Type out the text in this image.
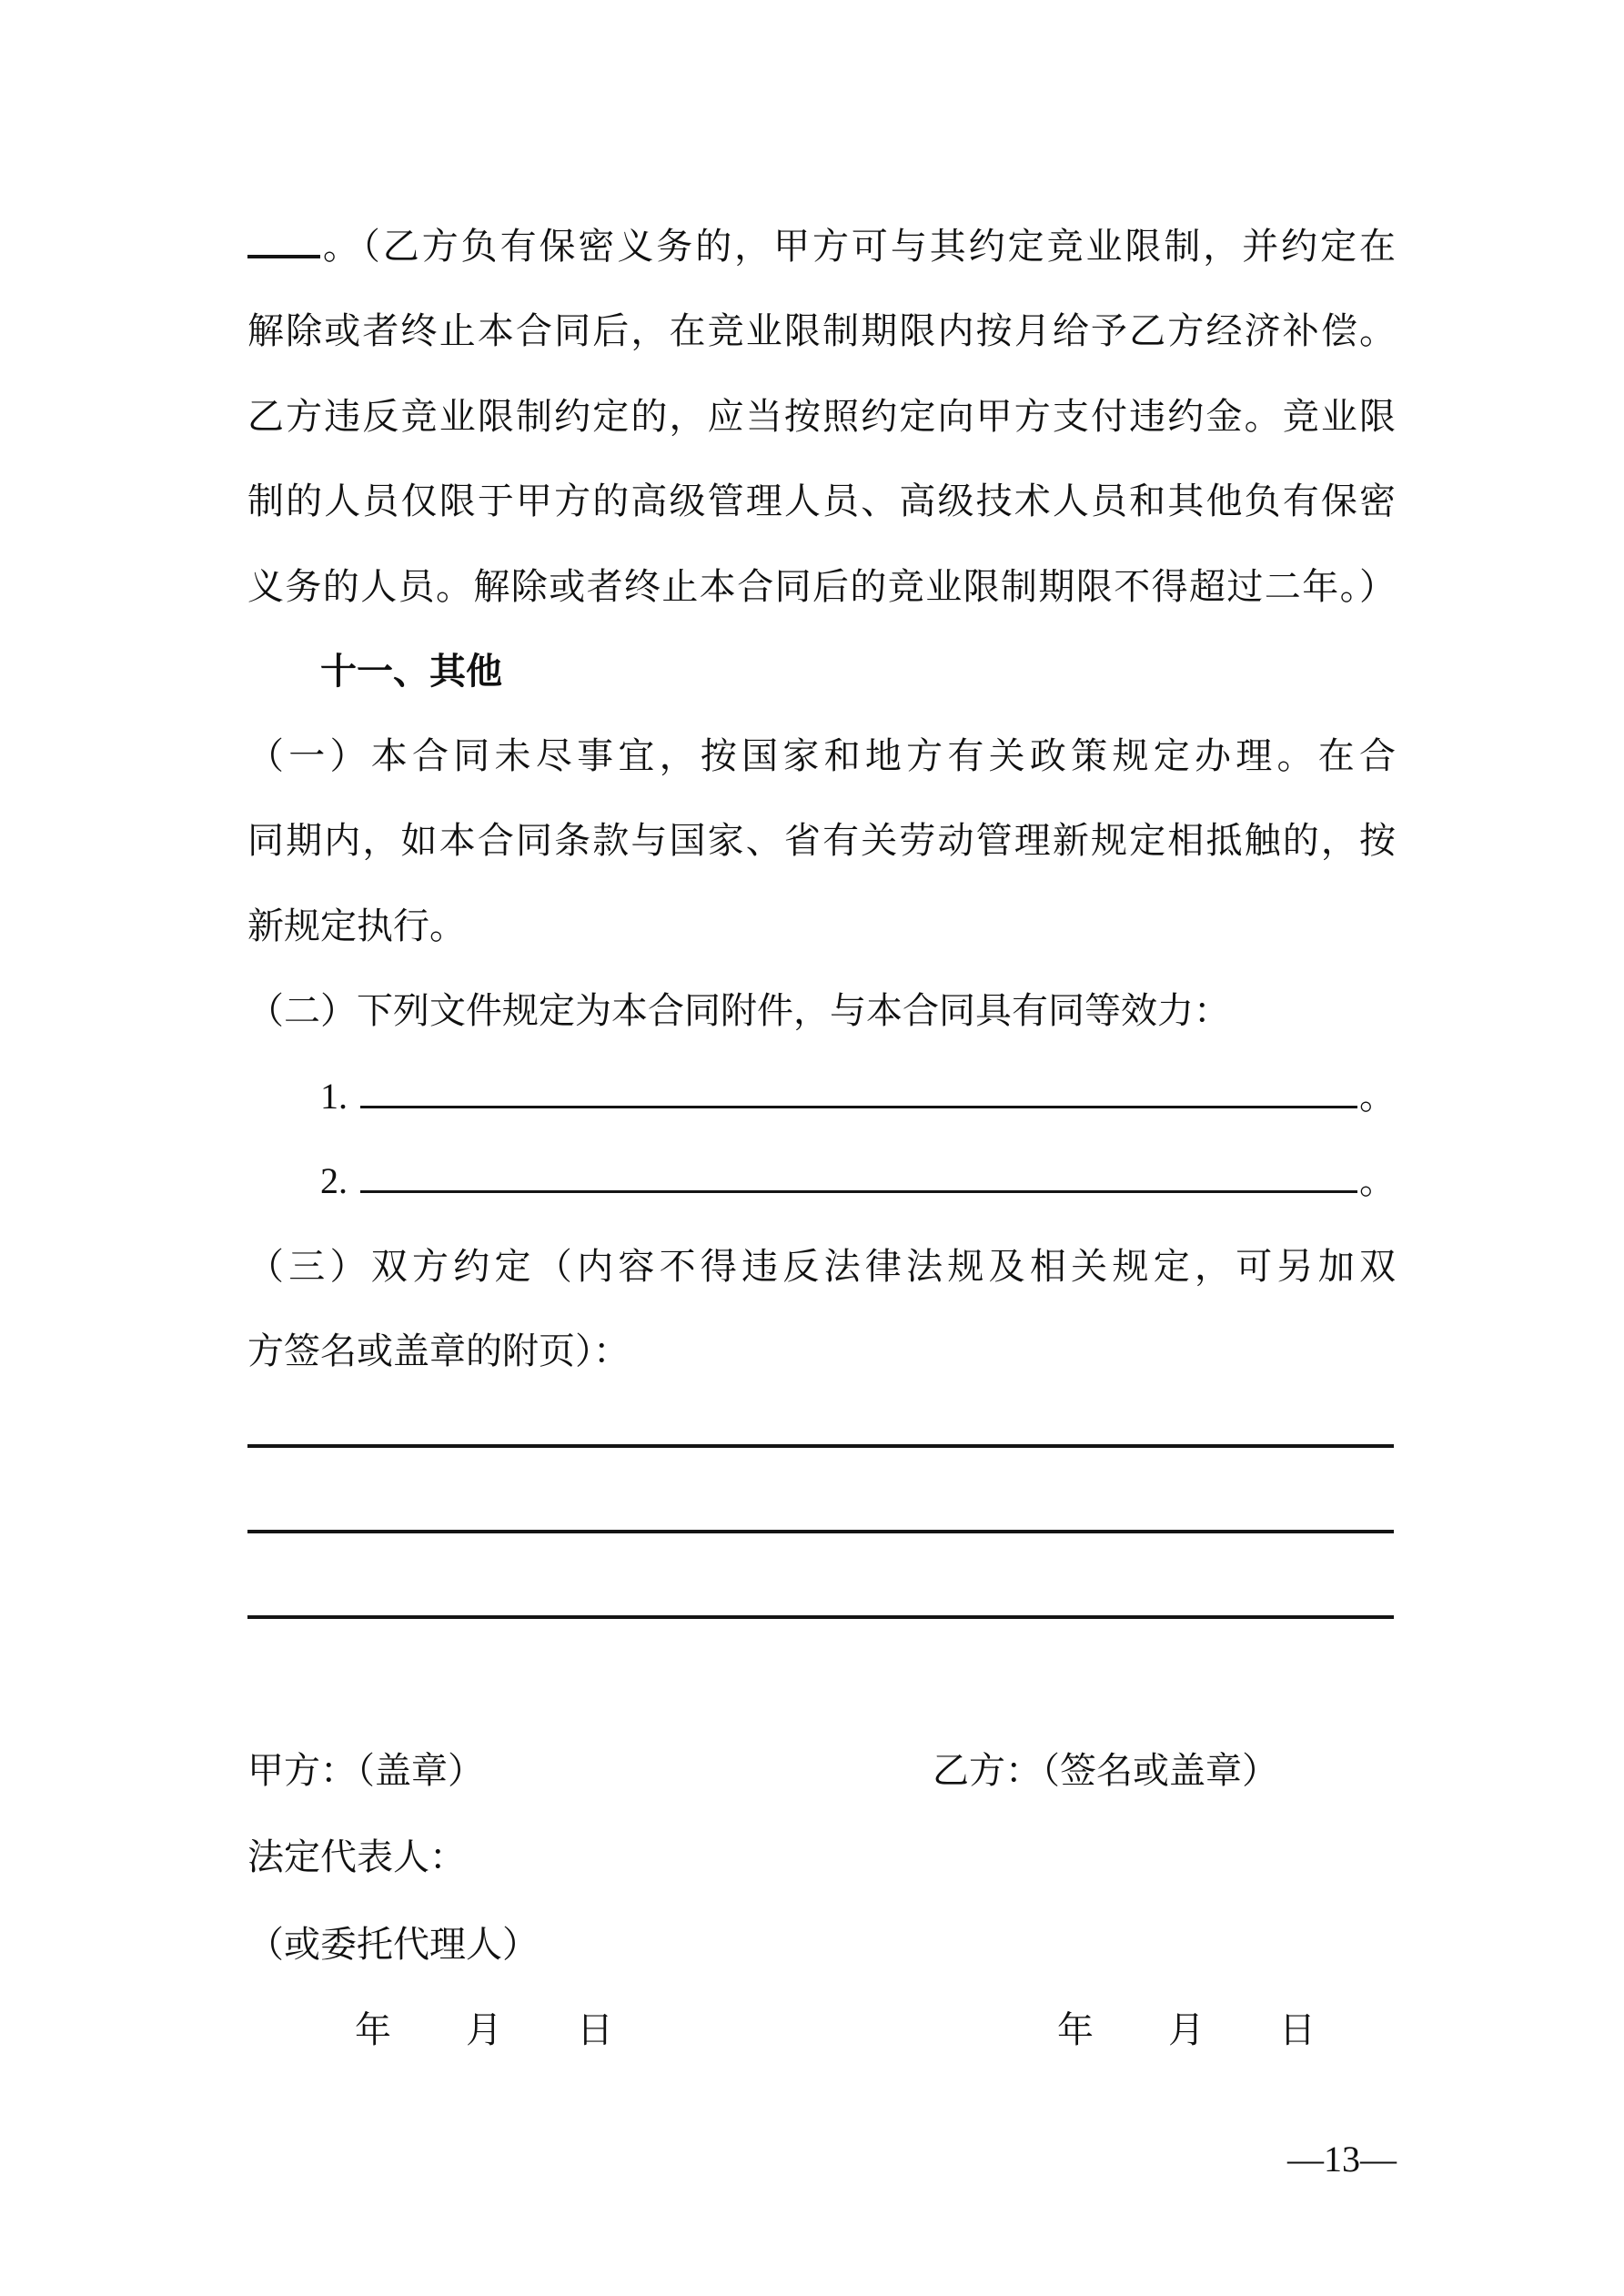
。（乙方负有保密义务的，甲方可与其约定竞业限制，并约定在
解除或者终止本合同后，在竞业限制期限内按月给予乙方经济补偿。
乙方违反竞业限制约定的，应当按照约定向甲方支付违约金。竞业限
制的人员仅限于甲方的高级管理人员、高级技术人员和其他负有保密
义务的人员。解除或者终止本合同后的竞业限制期限不得超过二年。）
十一、其他
（一）本合同未尽事宜，按国家和地方有关政策规定办理。在合
同期内，如本合同条款与国家、省有关劳动管理新规定相抵触的，按
新规定执行。
（二）下列文件规定为本合同附件，与本合同具有同等效力：
1.	。
2.	。
（三）双方约定（内容不得违反法律法规及相关规定，可另加双
方签名或盖章的附页）：
甲方：（盖章）	乙方：（签名或盖章）
法定代表人：
（或委托代理人）
年 月 日	年 月 日
—13—
